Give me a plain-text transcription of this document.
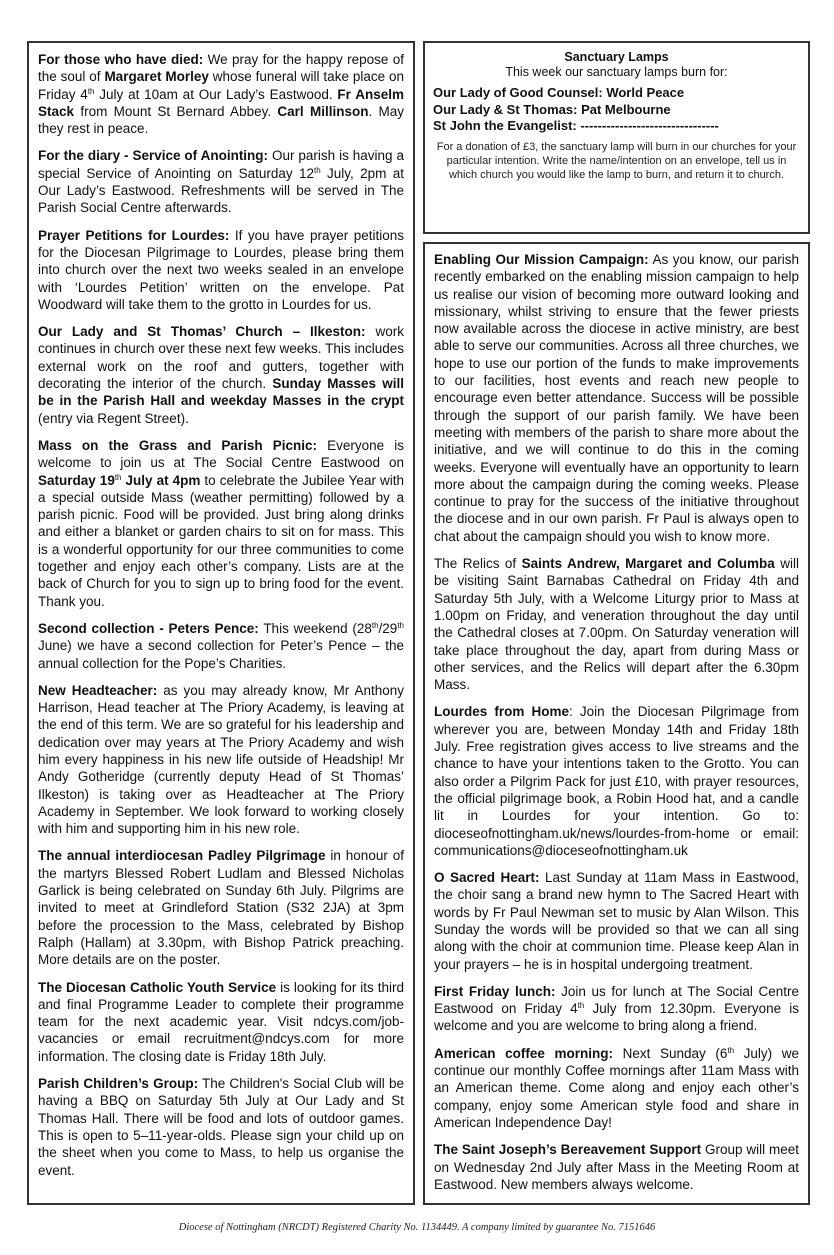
For those who have died: We pray for the happy repose of the soul of Margaret Morley whose funeral will take place on Friday 4th July at 10am at Our Lady’s Eastwood. Fr Anselm Stack from Mount St Bernard Abbey. Carl Millinson. May they rest in peace.

For the diary - Service of Anointing: Our parish is having a special Service of Anointing on Saturday 12th July, 2pm at Our Lady’s Eastwood. Refreshments will be served in The Parish Social Centre afterwards.

Prayer Petitions for Lourdes: If you have prayer petitions for the Diocesan Pilgrimage to Lourdes, please bring them into church over the next two weeks sealed in an envelope with ‘Lourdes Petition’ written on the envelope. Pat Woodward will take them to the grotto in Lourdes for us.

Our Lady and St Thomas’ Church – Ilkeston: work continues in church over these next few weeks. This includes external work on the roof and gutters, together with decorating the interior of the church. Sunday Masses will be in the Parish Hall and weekday Masses in the crypt (entry via Regent Street).

Mass on the Grass and Parish Picnic: Everyone is welcome to join us at The Social Centre Eastwood on Saturday 19th July at 4pm to celebrate the Jubilee Year with a special outside Mass (weather permitting) followed by a parish picnic. Food will be provided. Just bring along drinks and either a blanket or garden chairs to sit on for mass. This is a wonderful opportunity for our three communities to come together and enjoy each other’s company. Lists are at the back of Church for you to sign up to bring food for the event. Thank you.

Second collection - Peters Pence: This weekend (28th/29th June) we have a second collection for Peter’s Pence – the annual collection for the Pope’s Charities.

New Headteacher: as you may already know, Mr Anthony Harrison, Head teacher at The Priory Academy, is leaving at the end of this term. We are so grateful for his leadership and dedication over may years at The Priory Academy and wish him every happiness in his new life outside of Headship! Mr Andy Gotheridge (currently deputy Head of St Thomas’ Ilkeston) is taking over as Headteacher at The Priory Academy in September. We look forward to working closely with him and supporting him in his new role.

The annual interdiocesan Padley Pilgrimage in honour of the martyrs Blessed Robert Ludlam and Blessed Nicholas Garlick is being celebrated on Sunday 6th July. Pilgrims are invited to meet at Grindleford Station (S32 2JA) at 3pm before the procession to the Mass, celebrated by Bishop Ralph (Hallam) at 3.30pm, with Bishop Patrick preaching. More details are on the poster.

The Diocesan Catholic Youth Service is looking for its third and final Programme Leader to complete their programme team for the next academic year. Visit ndcys.com/job-vacancies or email recruitment@ndcys.com for more information. The closing date is Friday 18th July.

Parish Children’s Group: The Children's Social Club will be having a BBQ on Saturday 5th July at Our Lady and St Thomas Hall. There will be food and lots of outdoor games. This is open to 5–11-year-olds. Please sign your child up on the sheet when you come to Mass, to help us organise the event.

Sanctuary Lamps
This week our sanctuary lamps burn for:
Our Lady of Good Counsel: World Peace
Our Lady & St Thomas: Pat Melbourne
St John the Evangelist: --------------------------------
For a donation of £3, the sanctuary lamp will burn in our churches for your particular intention. Write the name/intention on an envelope, tell us in which church you would like the lamp to burn, and return it to church.

Enabling Our Mission Campaign: As you know, our parish recently embarked on the enabling mission campaign to help us realise our vision of becoming more outward looking and missionary, whilst striving to ensure that the fewer priests now available across the diocese in active ministry, are best able to serve our communities. Across all three churches, we hope to use our portion of the funds to make improvements to our facilities, host events and reach new people to encourage even better attendance. Success will be possible through the support of our parish family. We have been meeting with members of the parish to share more about the initiative, and we will continue to do this in the coming weeks. Everyone will eventually have an opportunity to learn more about the campaign during the coming weeks. Please continue to pray for the success of the initiative throughout the diocese and in our own parish. Fr Paul is always open to chat about the campaign should you wish to know more.

The Relics of Saints Andrew, Margaret and Columba will be visiting Saint Barnabas Cathedral on Friday 4th and Saturday 5th July, with a Welcome Liturgy prior to Mass at 1.00pm on Friday, and veneration throughout the day until the Cathedral closes at 7.00pm. On Saturday veneration will take place throughout the day, apart from during Mass or other services, and the Relics will depart after the 6.30pm Mass.

Lourdes from Home: Join the Diocesan Pilgrimage from wherever you are, between Monday 14th and Friday 18th July. Free registration gives access to live streams and the chance to have your intentions taken to the Grotto. You can also order a Pilgrim Pack for just £10, with prayer resources, the official pilgrimage book, a Robin Hood hat, and a candle lit in Lourdes for your intention. Go to: dioceseofnottingham.uk/news/lourdes-from-home or email: communications@dioceseofnottingham.uk

O Sacred Heart: Last Sunday at 11am Mass in Eastwood, the choir sang a brand new hymn to The Sacred Heart with words by Fr Paul Newman set to music by Alan Wilson. This Sunday the words will be provided so that we can all sing along with the choir at communion time. Please keep Alan in your prayers – he is in hospital undergoing treatment.

First Friday lunch: Join us for lunch at The Social Centre Eastwood on Friday 4th July from 12.30pm. Everyone is welcome and you are welcome to bring along a friend.

American coffee morning: Next Sunday (6th July) we continue our monthly Coffee mornings after 11am Mass with an American theme. Come along and enjoy each other’s company, enjoy some American style food and share in American Independence Day!

The Saint Joseph’s Bereavement Support Group will meet on Wednesday 2nd July after Mass in the Meeting Room at Eastwood. New members always welcome.

Diocese of Nottingham (NRCDT) Registered Charity No. 1134449. A company limited by guarantee No. 7151646
